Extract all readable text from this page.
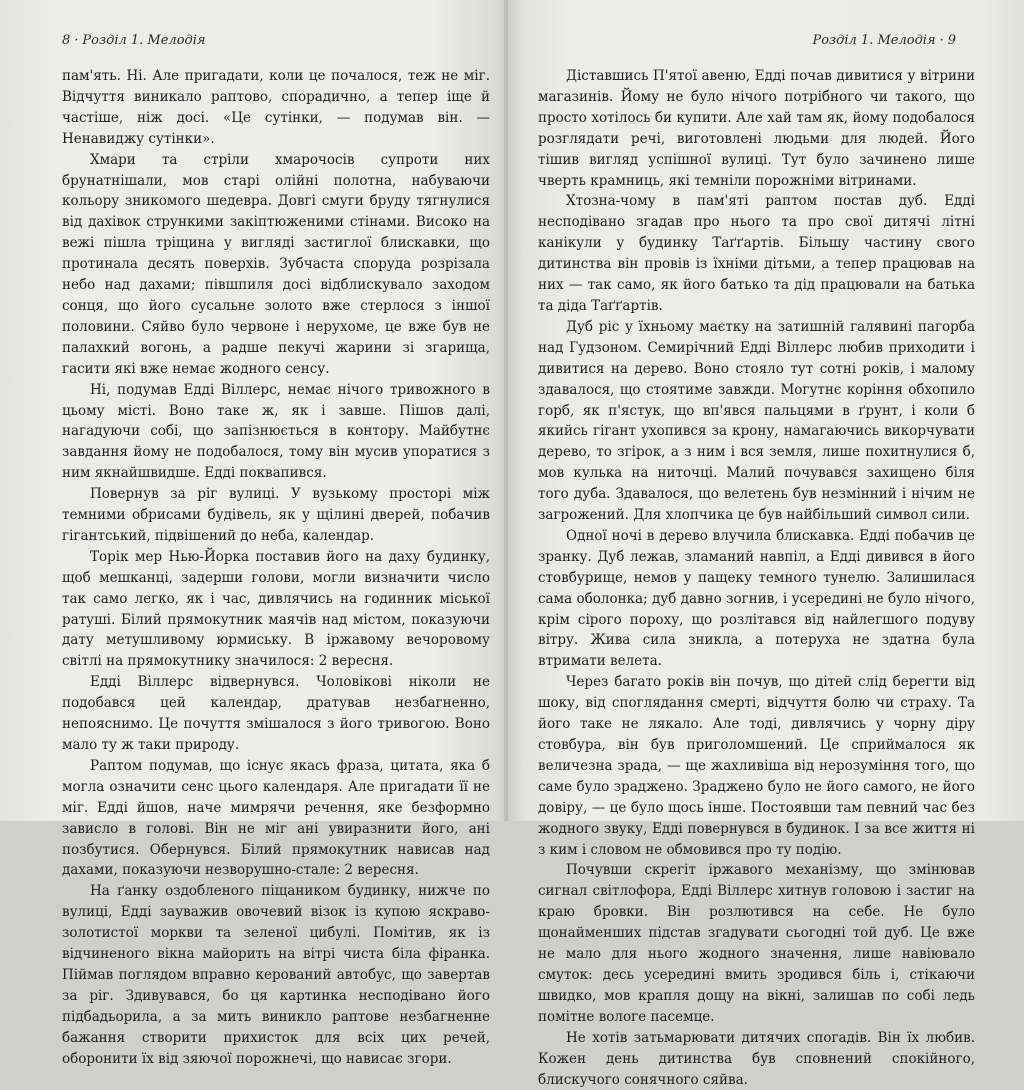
8 · Розділ 1. Мелодія

пам'ять. Ні. Але пригадати, коли це почалося, теж не міг. Відчуття виникало раптово, спорадично, а тепер іще й частіше, ніж досі. «Це сутінки, — подумав він. — Ненавиджу сутінки».

Хмари та стріли хмарочосів супроти них брунатнішали, мов старі олійні полотна, набуваючи кольору зникомого шедевра. Довгі смуги бруду тягнулися від дахівок стрункими закіптюженими стінами. Високо на вежі пішла тріщина у вигляді застиглої блискавки, що протинала десять поверхів. Зубчаста споруда розрізала небо над дахами; півшпиля досі відблискувало заходом сонця, що його сусальне золото вже стерлося з іншої половини. Сяйво було червоне і нерухоме, це вже був не палахкий вогонь, а радше пекучі жарини зі згарища, гасити які вже немає жодного сенсу.

Ні, подумав Едді Віллерс, немає нічого тривожного в цьому місті. Воно таке ж, як і завше. Пішов далі, нагадуючи собі, що запізнюється в контору. Майбутнє завдання йому не подобалося, тому він мусив упоратися з ним якнайшвидше. Едді поквапився.

Повернув за ріг вулиці. У вузькому просторі між темними обрисами будівель, як у щілині дверей, побачив гігантський, підвішений до неба, календар.

Торік мер Нью-Йорка поставив його на даху будинку, щоб мешканці, задерши голови, могли визначити число так само легко, як і час, дивлячись на годинник міської ратуші. Білий прямокутник маячів над містом, показуючи дату метушливому юрмиську. В іржавому вечоровому світлі на прямокутнику значилося: 2 вересня.

Едді Віллерс відвернувся. Чоловікові ніколи не подобався цей календар, дратував незбагненно, непояснимо. Це почуття змішалося з його тривогою. Воно мало ту ж таки природу.

Раптом подумав, що існує якась фраза, цитата, яка б могла означити сенс цього календаря. Але пригадати її не міг. Едді йшов, наче мимрячи речення, яке безформно зависло в голові. Він не міг ані увиразнити його, ані позбутися. Обернувся. Білий прямокутник нависав над дахами, показуючи незворушно-стале: 2 вересня.

На ґанку оздобленого піщаником будинку, нижче по вулиці, Едді зауважив овочевий візок із купою яскраво-золотистої моркви та зеленої цибулі. Помітив, як із відчиненого вікна майорить на вітрі чиста біла фіранка. Піймав поглядом вправно керований автобус, що завертав за ріг. Здивувався, бо ця картинка несподівано його підбадьорила, а за мить виникло раптове незбагненне бажання створити прихисток для всіх цих речей, оборонити їх від зяючої порожнечі, що нависає згори.

Розділ 1. Мелодія · 9

Діставшись П'ятої авеню, Едді почав дивитися у вітрини магазинів. Йому не було нічого потрібного чи такого, що просто хотілось би купити. Але хай там як, йому подобалося розглядати речі, виготовлені людьми для людей. Його тішив вигляд успішної вулиці. Тут було зачинено лише чверть крамниць, які темніли порожніми вітринами.

Хтозна-чому в пам'яті раптом постав дуб. Едді несподівано згадав про нього та про свої дитячі літні канікули у будинку Таґґартів. Більшу частину свого дитинства він провів із їхніми дітьми, а тепер працював на них — так само, як його батько та дід працювали на батька та діда Таґґартів.

Дуб ріс у їхньому маєтку на затишній галявині пагорба над Гудзоном. Семирічний Едді Віллерс любив приходити і дивитися на дерево. Воно стояло тут сотні років, і малому здавалося, що стоятиме завжди. Могутнє коріння обхопило горб, як п'ястук, що вп'явся пальцями в ґрунт, і коли б якийсь гігант ухопився за крону, намагаючись викорчувати дерево, то згірок, а з ним і вся земля, лише похитнулися б, мов кулька на ниточці. Малий почувався захищено біля того дуба. Здавалося, що велетень був незмінний і нічим не загрожений. Для хлопчика це був найбільший символ сили.

Одної ночі в дерево влучила блискавка. Едді побачив це зранку. Дуб лежав, зламаний навпіл, а Едді дивився в його стовбурище, немов у пащеку темного тунелю. Залишилася сама оболонка; дуб давно зогнив, і усередині не було нічого, крім сірого пороху, що розлітався від найлегшого подуву вітру. Жива сила зникла, а потеруха не здатна була втримати велета.

Через багато років він почув, що дітей слід берегти від шоку, від споглядання смерті, відчуття болю чи страху. Та його таке не лякало. Але тоді, дивлячись у чорну діру стовбура, він був приголомшений. Це сприймалося як величезна зрада, — ще жахливіша від нерозуміння того, що саме було зраджено. Зраджено було не його самого, не його довіру, — це було щось інше. Постоявши там певний час без жодного звуку, Едді повернувся в будинок. І за все життя ні з ким і словом не обмовився про ту подію.

Почувши скрегіт іржавого механізму, що змінював сигнал світлофора, Едді Віллерс хитнув головою і застиг на краю бровки. Він розлютився на себе. Не було щонайменших підстав згадувати сьогодні той дуб. Це вже не мало для нього жодного значення, лише навіювало смуток: десь усередині вмить зродився біль і, стікаючи швидко, мов крапля дощу на вікні, залишав по собі ледь помітне вологе пасемце.

Не хотів затьмарювати дитячих спогадів. Він їх любив. Кожен день дитинства був сповнений спокійного, блискучого сонячного сяйва.
